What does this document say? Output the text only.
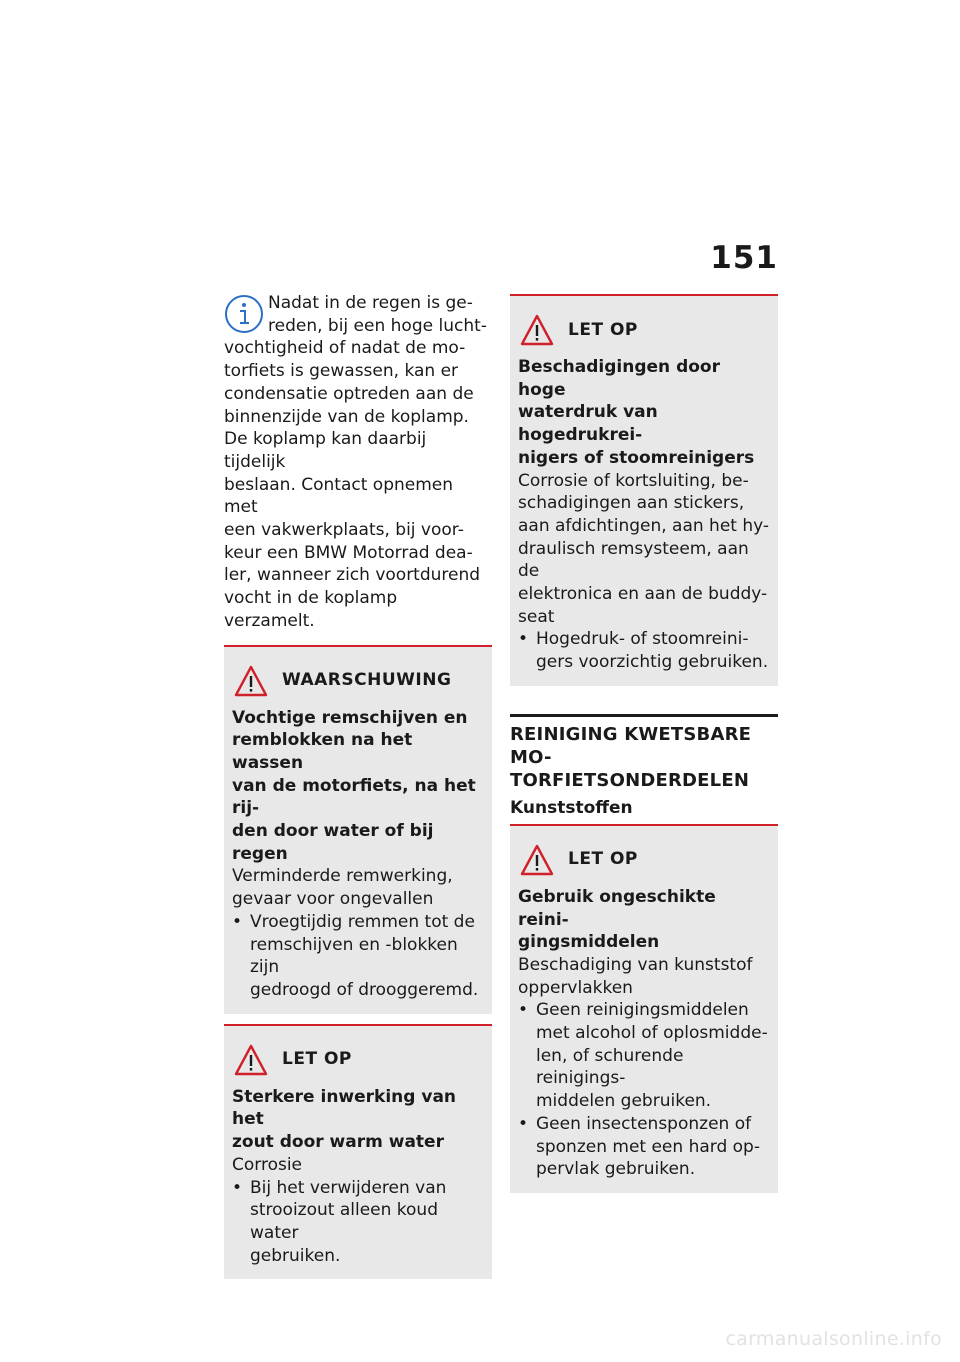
151
Nadat in de regen is ge-
reden, bij een hoge lucht-
vochtigheid of nadat de mo-
torfiets is gewassen, kan er
condensatie optreden aan de
binnenzijde van de koplamp.
De koplamp kan daarbij tijdelijk
beslaan. Contact opnemen met
een vakwerkplaats, bij voor-
keur een BMW Motorrad dea-
ler, wanneer zich voortdurend
vocht in de koplamp verzamelt.
WAARSCHUWING
Vochtige remschijven en
remblokken na het wassen
van de motorfiets, na het rij-
den door water of bij regen
Verminderde remwerking,
gevaar voor ongevallen
• Vroegtijdig remmen tot de
remschijven en -blokken zijn
gedroogd of drooggeremd.
LET OP
Sterkere inwerking van het
zout door warm water
Corrosie
• Bij het verwijderen van
strooizout alleen koud water
gebruiken.
LET OP
Beschadigingen door hoge
waterdruk van hogedrukrei-
nigers of stoomreinigers
Corrosie of kortsluiting, be-
schadigingen aan stickers,
aan afdichtingen, aan het hy-
draulisch remsysteem, aan de
elektronica en aan de buddy-
seat
• Hogedruk- of stoomreini-
gers voorzichtig gebruiken.
REINIGING KWETSBARE MO-
TORFIETSONDERDELEN
Kunststoffen
LET OP
Gebruik ongeschikte reini-
gingsmiddelen
Beschadiging van kunststof
oppervlakken
• Geen reinigingsmiddelen
met alcohol of oplosmidde-
len, of schurende reinigings-
middelen gebruiken.
• Geen insectensponzen of
sponzen met een hard op-
pervlak gebruiken.
carmanualsonline.info
